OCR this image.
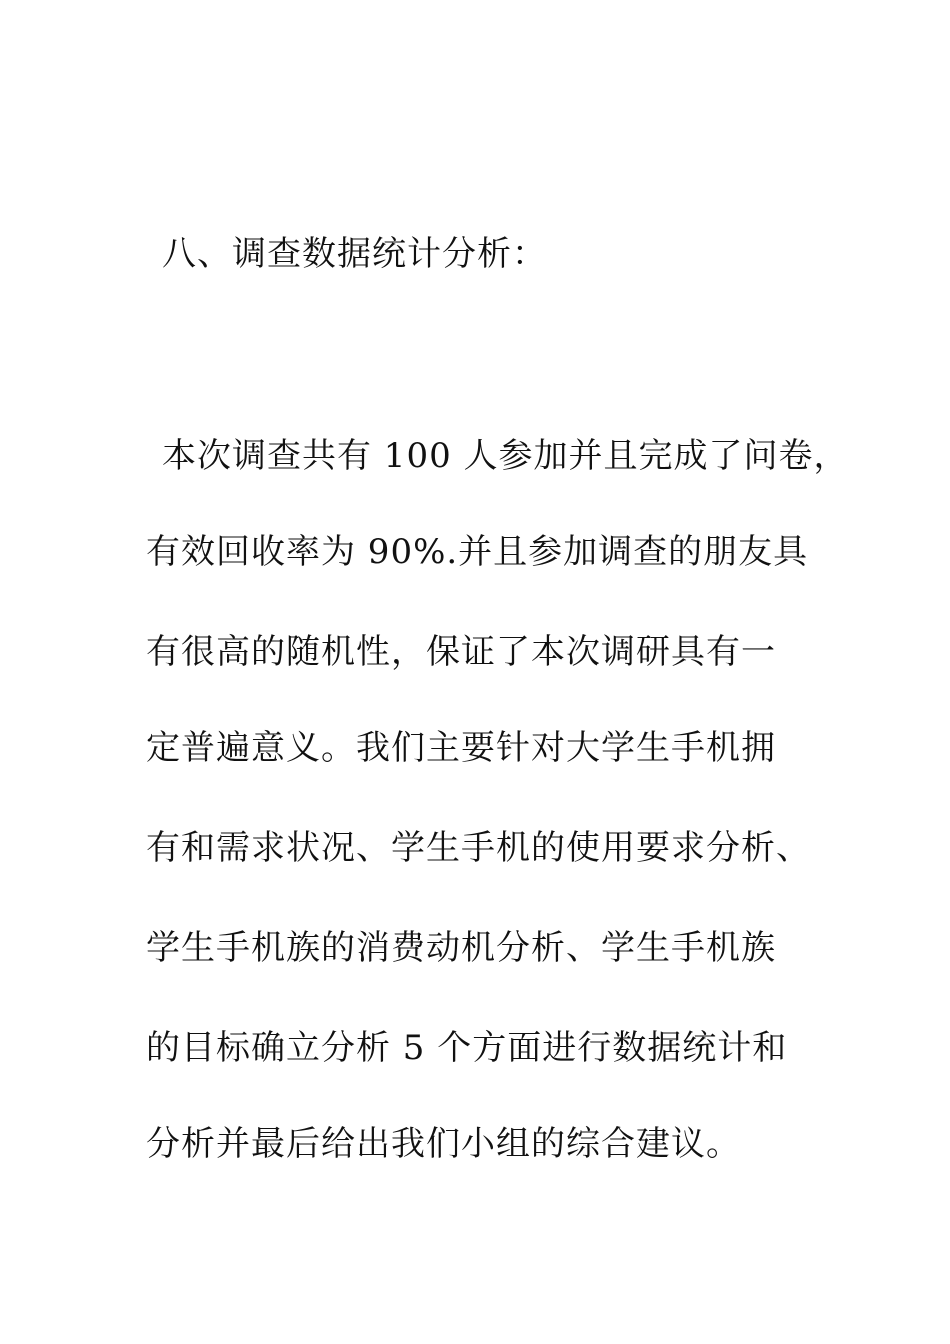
八、调查数据统计分析：
本次调查共有 100 人参加并且完成了问卷，
有效回收率为 90%.并且参加调查的朋友具
有很高的随机性，保证了本次调研具有一
定普遍意义。我们主要针对大学生手机拥
有和需求状况、学生手机的使用要求分析、
学生手机族的消费动机分析、学生手机族
的目标确立分析 5 个方面进行数据统计和
分析并最后给出我们小组的综合建议。
